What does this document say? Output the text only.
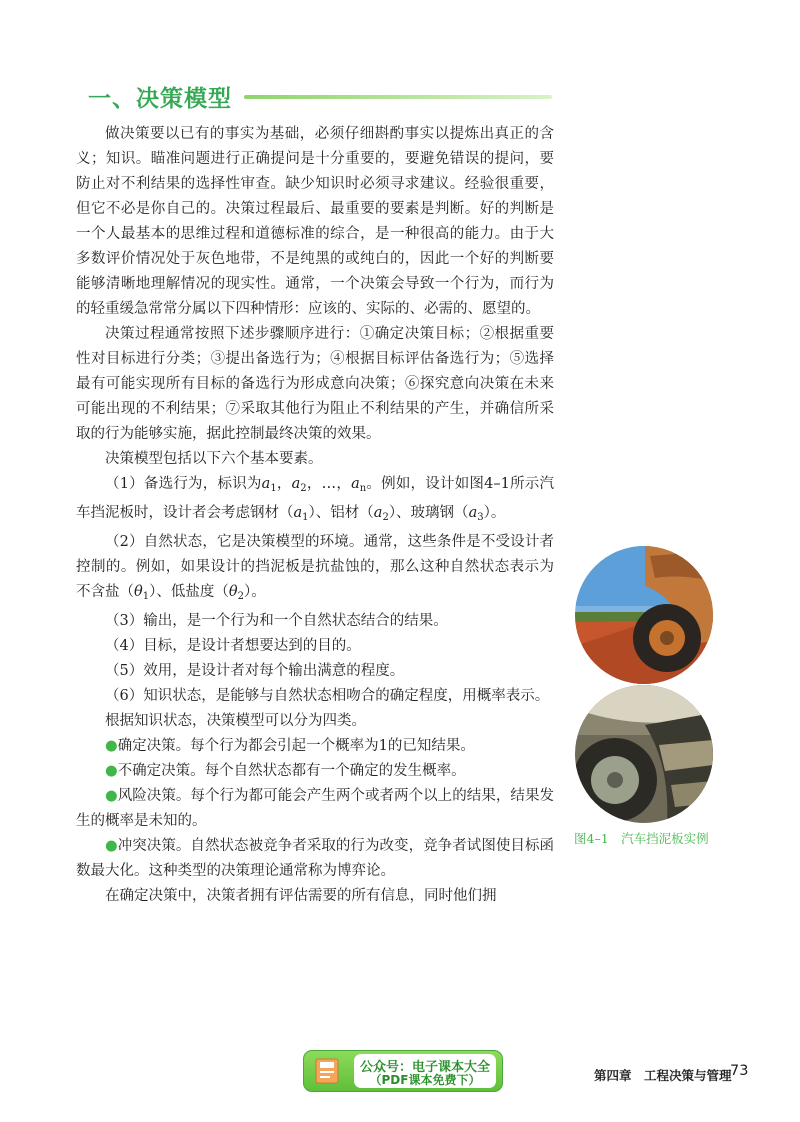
一、决策模型

做决策要以已有的事实为基础，必须仔细斟酌事实以提炼出真正的含义；知识。瞄准问题进行正确提问是十分重要的，要避免错误的提问，要防止对不利结果的选择性审查。缺少知识时必须寻求建议。经验很重要，但它不必是你自己的。决策过程最后、最重要的要素是判断。好的判断是一个人最基本的思维过程和道德标准的综合，是一种很高的能力。由于大多数评价情况处于灰色地带，不是纯黑的或纯白的，因此一个好的判断要能够清晰地理解情况的现实性。通常，一个决策会导致一个行为，而行为的轻重缓急常常分属以下四种情形：应该的、实际的、必需的、愿望的。

决策过程通常按照下述步骤顺序进行：①确定决策目标；②根据重要性对目标进行分类；③提出备选行为；④根据目标评估备选行为；⑤选择最有可能实现所有目标的备选行为形成意向决策；⑥探究意向决策在未来可能出现的不利结果；⑦采取其他行为阻止不利结果的产生，并确信所采取的行为能够实施，据此控制最终决策的效果。

决策模型包括以下六个基本要素。

（1）备选行为，标识为$a_1$，$a_2$，…，$a_n$。例如，设计如图4–1所示汽车挡泥板时，设计者会考虑钢材$(a_1)$、铝材$(a_2)$、玻璃钢$(a_3)$。

（2）自然状态，它是决策模型的环境。通常，这些条件是不受设计者控制的。例如，如果设计的挡泥板是抗盐蚀的，那么这种自然状态表示为不含盐$(\theta_1)$、低盐度$(\theta_2)$。

（3）输出，是一个行为和一个自然状态结合的结果。

（4）目标，是设计者想要达到的目的。

（5）效用，是设计者对每个输出满意的程度。

（6）知识状态，是能够与自然状态相吻合的确定程度，用概率表示。

根据知识状态，决策模型可以分为四类。

●确定决策。每个行为都会引起一个概率为1的已知结果。

●不确定决策。每个自然状态都有一个确定的发生概率。

●风险决策。每个行为都可能会产生两个或者两个以上的结果，结果发生的概率是未知的。

●冲突决策。自然状态被竞争者采取的行为改变，竞争者试图使目标函数最大化。这种类型的决策理论通常称为博弈论。

在确定决策中，决策者拥有评估需要的所有信息，同时他们拥

图4–1　汽车挡泥板实例
公众号：电子课本大全
（PDF课本免费下）	第四章　工程决策与管理
73
